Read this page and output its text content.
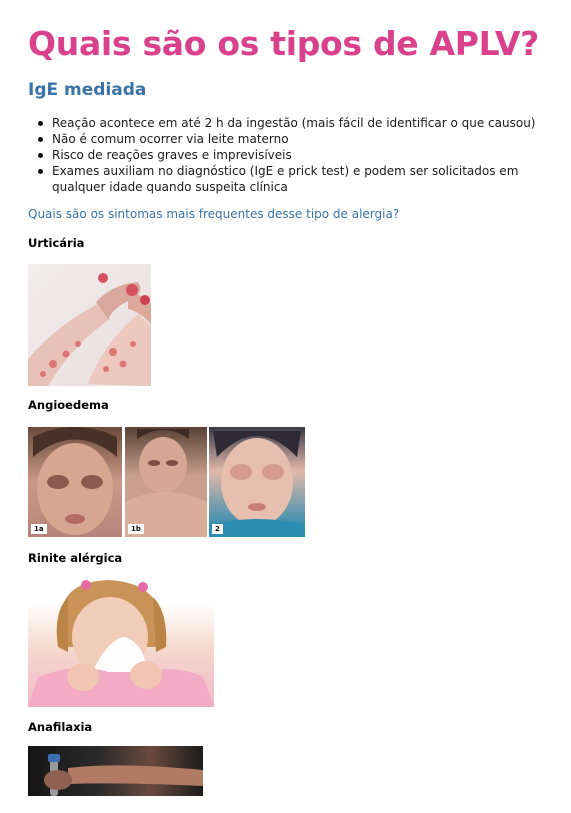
Quais são os tipos de APLV?
IgE mediada
Reação acontece em até 2 h da ingestão (mais fácil de identificar o que causou)
Não é comum ocorrer via leite materno
Risco de reações graves e imprevisíveis
Exames auxiliam no diagnóstico (IgE e prick test) e podem ser solicitados em qualquer idade quando suspeita clínica

Quais são os sintomas mais frequentes desse tipo de alergia?

Urticária

Angioedema

1a	1b	2

Rinite alérgica

Anafilaxia
